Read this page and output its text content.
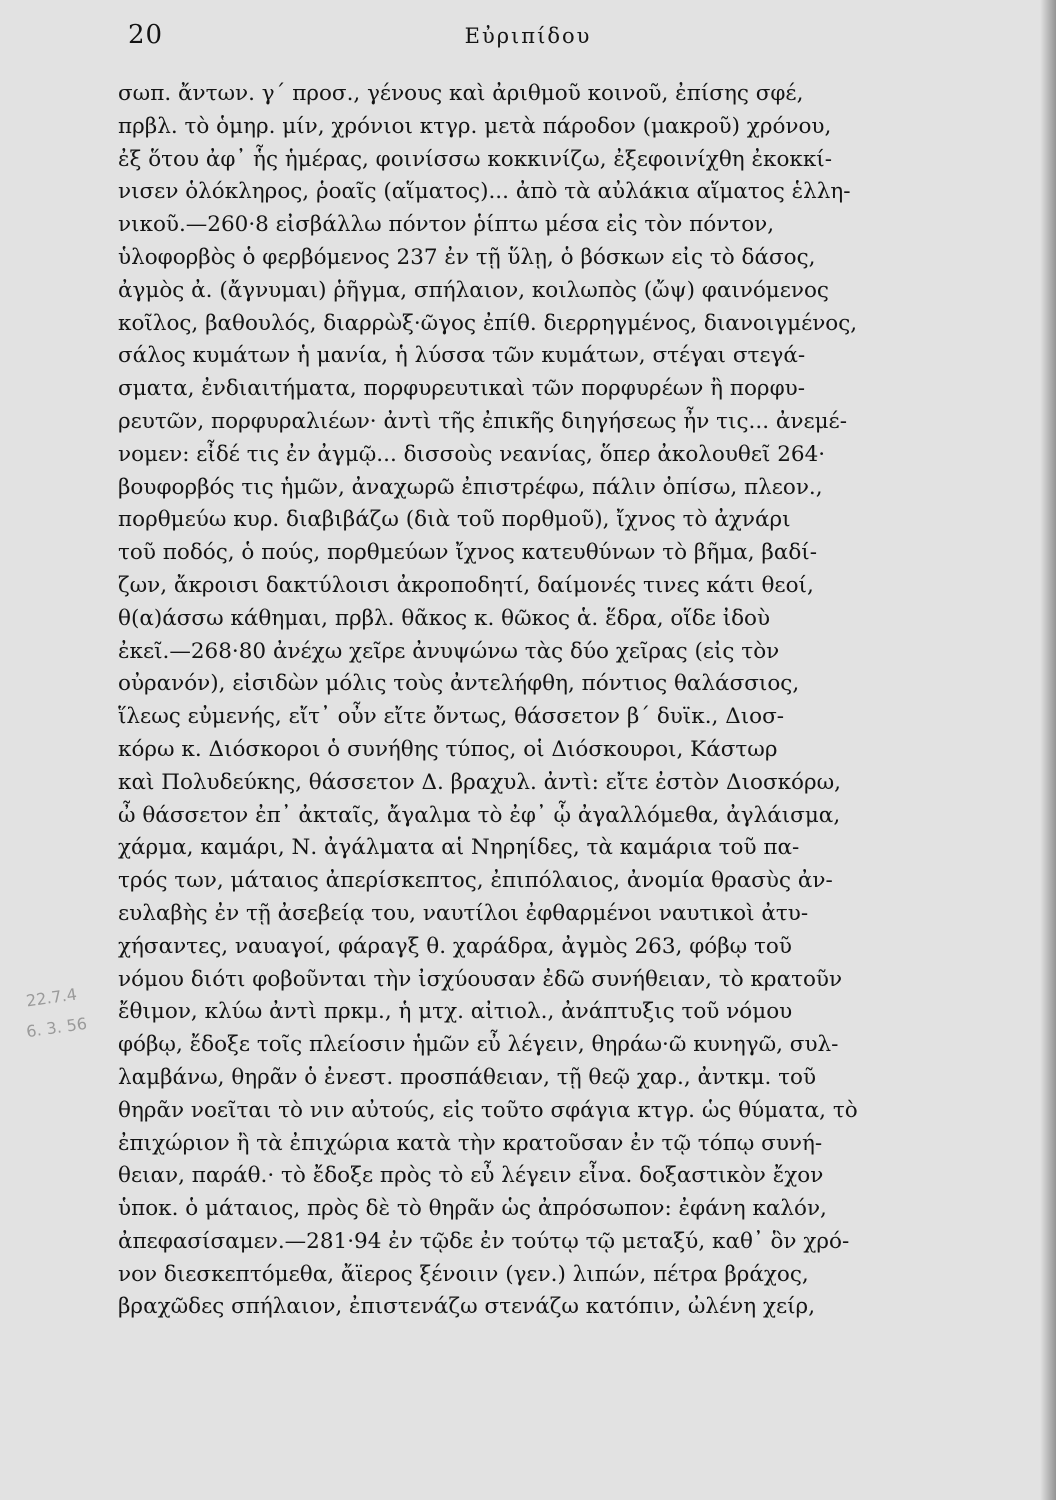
20	Εὐριπίδου
σωπ. ἄντων. γ΄ προσ., γένους καὶ ἀριθμοῦ κοινοῦ, ἐπίσης σφέ,
πρβλ. τὸ ὁμηρ. μίν, χρόνιοι κτγρ. μετὰ πάροδον (μακροῦ) χρόνου,
ἐξ ὅτου ἀφ᾽ ἧς ἡμέρας, φοινίσσω κοκκινίζω, ἐξεφοινίχθη ἐκοκκί-
νισεν ὁλόκληρος, ῥοαῖς (αἵματος)... ἀπὸ τὰ αὐλάκια αἵματος ἑλλη-
νικοῦ.—260·8 εἰσβάλλω πόντον ῥίπτω μέσα εἰς τὸν πόντον,
ὑλοφορβὸς ὁ φερβόμενος 237 ἐν τῇ ὕλῃ, ὁ βόσκων εἰς τὸ δάσος,
ἀγμὸς ἀ. (ἄγνυμαι) ῥῆγμα, σπήλαιον, κοιλωπὸς (ὤψ) φαινόμενος
κοῖλος, βαθουλός, διαρρὼξ·ῶγος ἐπίθ. διερρηγμένος, διανοιγμένος,
σάλος κυμάτων ἡ μανία, ἡ λύσσα τῶν κυμάτων, στέγαι στεγά-
σματα, ἐνδιαιτήματα, πορφυρευτικαὶ τῶν πορφυρέων ἢ πορφυ-
ρευτῶν, πορφυραλιέων· ἀντὶ τῆς ἐπικῆς διηγήσεως ἦν τις... ἀνεμέ-
νομεν: εἶδέ τις ἐν ἀγμῷ... δισσοὺς νεανίας, ὅπερ ἀκολουθεῖ 264·
βουφορβός τις ἡμῶν, ἀναχωρῶ ἐπιστρέφω, πάλιν ὀπίσω, πλεον.,
πορθμεύω κυρ. διαβιβάζω (διὰ τοῦ πορθμοῦ), ἴχνος τὸ ἀχνάρι
τοῦ ποδός, ὁ πούς, πορθμεύων ἴχνος κατευθύνων τὸ βῆμα, βαδί-
ζων, ἄκροισι δακτύλοισι ἀκροποδητί, δαίμονές τινες κάτι θεοί,
θ(α)άσσω κάθημαι, πρβλ. θᾶκος κ. θῶκος ἁ. ἕδρα, οἵδε ἰδοὺ
ἐκεῖ.—268·80 ἀνέχω χεῖρε ἀνυψώνω τὰς δύο χεῖρας (εἰς τὸν
οὐρανόν), εἰσιδὼν μόλις τοὺς ἀντελήφθη, πόντιος θαλάσσιος,
ἵλεως εὐμενής, εἴτ᾽ οὖν εἴτε ὄντως, θάσσετον β΄ δυϊκ., Διοσ-
κόρω κ. Διόσκοροι ὁ συνήθης τύπος, οἱ Διόσκουροι, Κάστωρ
καὶ Πολυδεύκης, θάσσετον Δ. βραχυλ. ἀντὶ: εἴτε ἐστὸν Διοσκόρω,
ὦ θάσσετον ἐπ᾽ ἀκταῖς, ἄγαλμα τὸ ἐφ᾽ ᾧ ἀγαλλόμεθα, ἀγλάισμα,
χάρμα, καμάρι, Ν. ἀγάλματα αἱ Νηρηίδες, τὰ καμάρια τοῦ πα-
τρός των, μάταιος ἀπερίσκεπτος, ἐπιπόλαιος, ἀνομία θρασὺς ἀν-
ευλαβὴς ἐν τῇ ἀσεβείᾳ του, ναυτίλοι ἐφθαρμένοι ναυτικοὶ ἀτυ-
χήσαντες, ναυαγοί, φάραγξ θ. χαράδρα, ἀγμὸς 263, φόβῳ τοῦ
νόμου διότι φοβοῦνται τὴν ἰσχύουσαν ἐδῶ συνήθειαν, τὸ κρατοῦν
ἔθιμον, κλύω ἀντὶ πρκμ., ἡ μτχ. αἰτιολ., ἀνάπτυξις τοῦ νόμου
φόβῳ, ἔδοξε τοῖς πλείοσιν ἡμῶν εὖ λέγειν, θηράω·ῶ κυνηγῶ, συλ-
λαμβάνω, θηρᾶν ὁ ἐνεστ. προσπάθειαν, τῇ θεῷ χαρ., ἀντκμ. τοῦ
θηρᾶν νοεῖται τὸ νιν αὐτούς, εἰς τοῦτο σφάγια κτγρ. ὡς θύματα, τὸ
ἐπιχώριον ἢ τὰ ἐπιχώρια κατὰ τὴν κρατοῦσαν ἐν τῷ τόπῳ συνή-
θειαν, παράθ.· τὸ ἔδοξε πρὸς τὸ εὖ λέγειν εἶνα. δοξαστικὸν ἔχον
ὑποκ. ὁ μάταιος, πρὸς δὲ τὸ θηρᾶν ὡς ἀπρόσωπον: ἐφάνη καλόν,
ἀπεφασίσαμεν.—281·94 ἐν τῷδε ἐν τούτῳ τῷ μεταξύ, καθ᾽ ὃν χρό-
νον διεσκεπτόμεθα, ἄϊερος ξένοιιν (γεν.) λιπών, πέτρα βράχος,
βραχῶδες σπήλαιον, ἐπιστενάζω στενάζω κατόπιν, ὠλένη χείρ,
22.7.4
6. 3. 56
